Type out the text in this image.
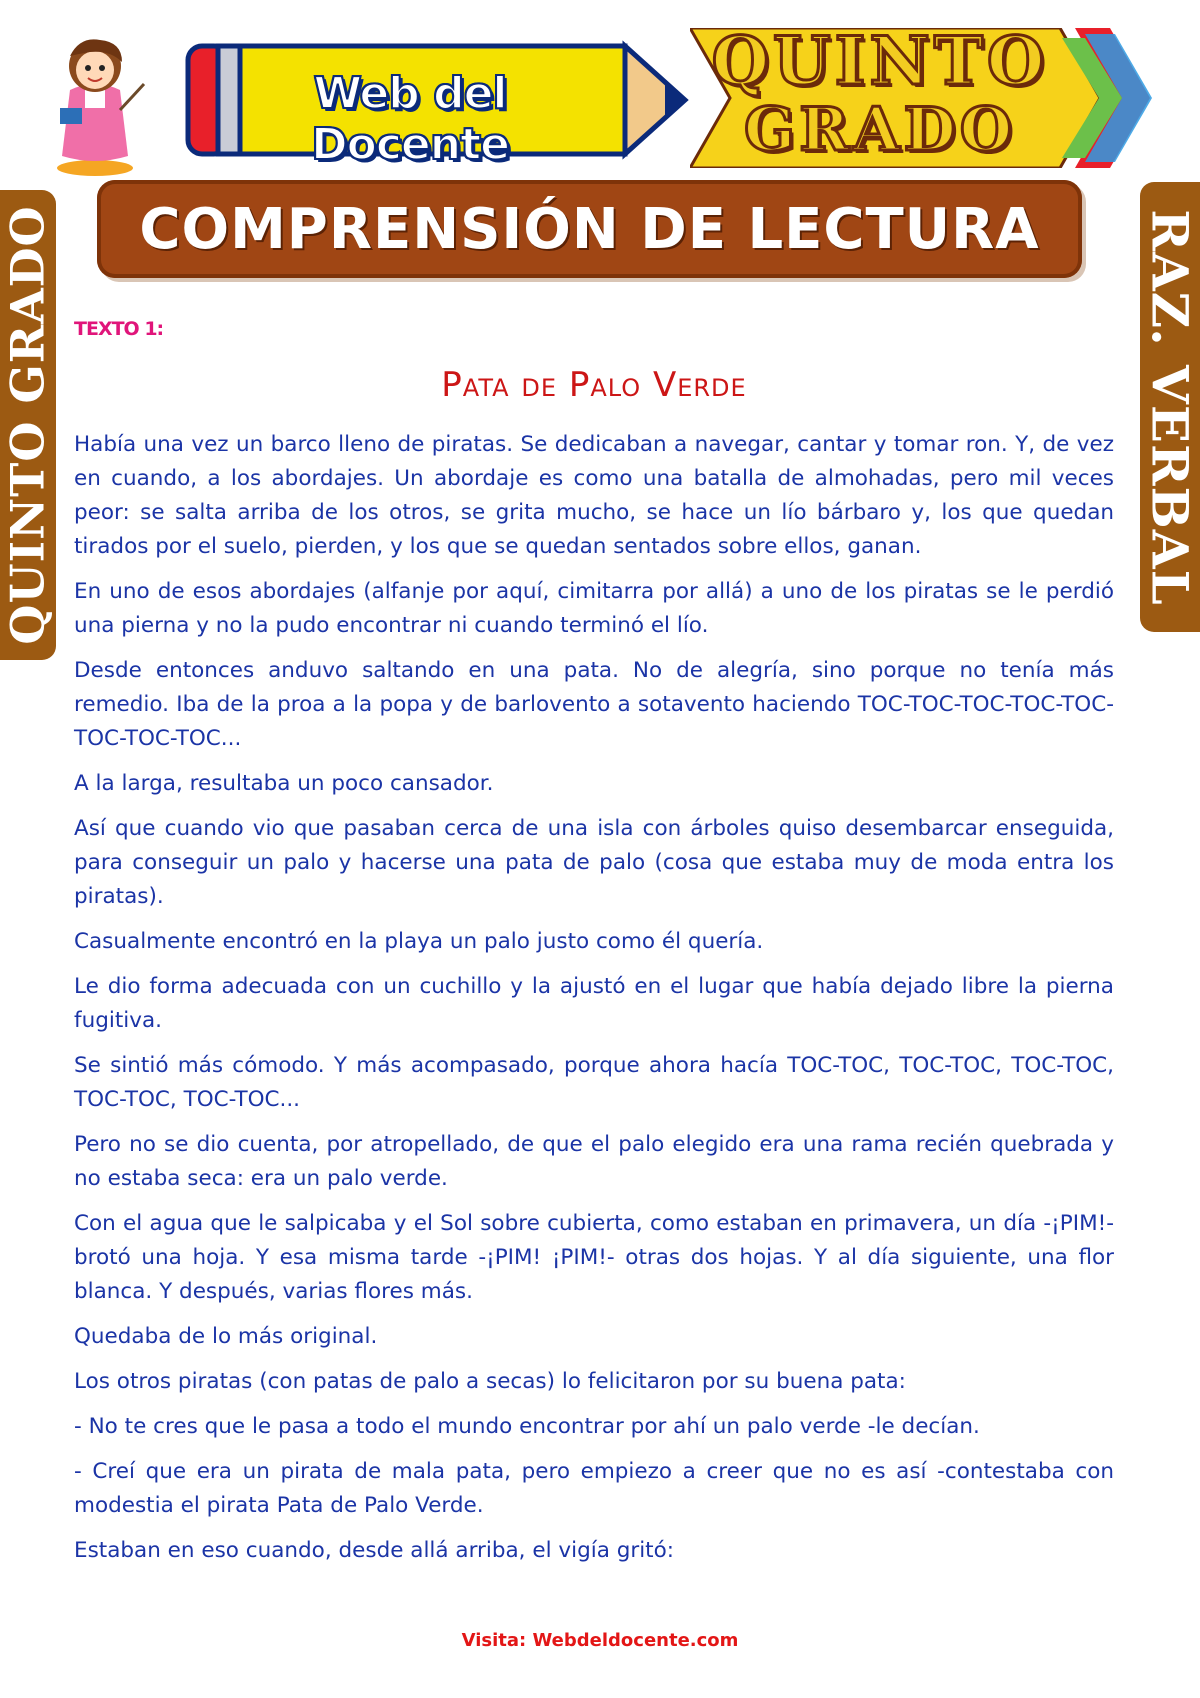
Web del Docente
QUINTO
GRADO
COMPRENSIÓN DE LECTURA
QUINTO GRADO	RAZ. VERBAL
TEXTO 1:
Pata de Palo Verde

Había una vez un barco lleno de piratas. Se dedicaban a navegar, cantar y tomar ron. Y, de vez en cuando, a los abordajes. Un abordaje es como una batalla de almohadas, pero mil veces peor: se salta arriba de los otros, se grita mucho, se hace un lío bárbaro y, los que quedan tirados por el suelo, pierden, y los que se quedan sentados sobre ellos, ganan.

En uno de esos abordajes (alfanje por aquí, cimitarra por allá) a uno de los piratas se le perdió una pierna y no la pudo encontrar ni cuando terminó el lío.

Desde entonces anduvo saltando en una pata. No de alegría, sino porque no tenía más remedio. Iba de la proa a la popa y de barlovento a sotavento haciendo TOC-TOC-TOC-TOC-TOC-TOC-TOC-TOC...

A la larga, resultaba un poco cansador.

Así que cuando vio que pasaban cerca de una isla con árboles quiso desembarcar enseguida, para conseguir un palo y hacerse una pata de palo (cosa que estaba muy de moda entra los piratas).

Casualmente encontró en la playa un palo justo como él quería.

Le dio forma adecuada con un cuchillo y la ajustó en el lugar que había dejado libre la pierna fugitiva.

Se sintió más cómodo. Y más acompasado, porque ahora hacía TOC-TOC, TOC-TOC, TOC-TOC, TOC-TOC, TOC-TOC...

Pero no se dio cuenta, por atropellado, de que el palo elegido era una rama recién quebrada y no estaba seca: era un palo verde.

Con el agua que le salpicaba y el Sol sobre cubierta, como estaban en primavera, un día -¡PIM!- brotó una hoja. Y esa misma tarde -¡PIM! ¡PIM!- otras dos hojas. Y al día siguiente, una flor blanca. Y después, varias flores más.

Quedaba de lo más original.

Los otros piratas (con patas de palo a secas) lo felicitaron por su buena pata:

- No te cres que le pasa a todo el mundo encontrar por ahí un palo verde -le decían.

- Creí que era un pirata de mala pata, pero empiezo a creer que no es así -contestaba con modestia el pirata Pata de Palo Verde.

Estaban en eso cuando, desde allá arriba, el vigía gritó:

Visita: Webdeldocente.com
